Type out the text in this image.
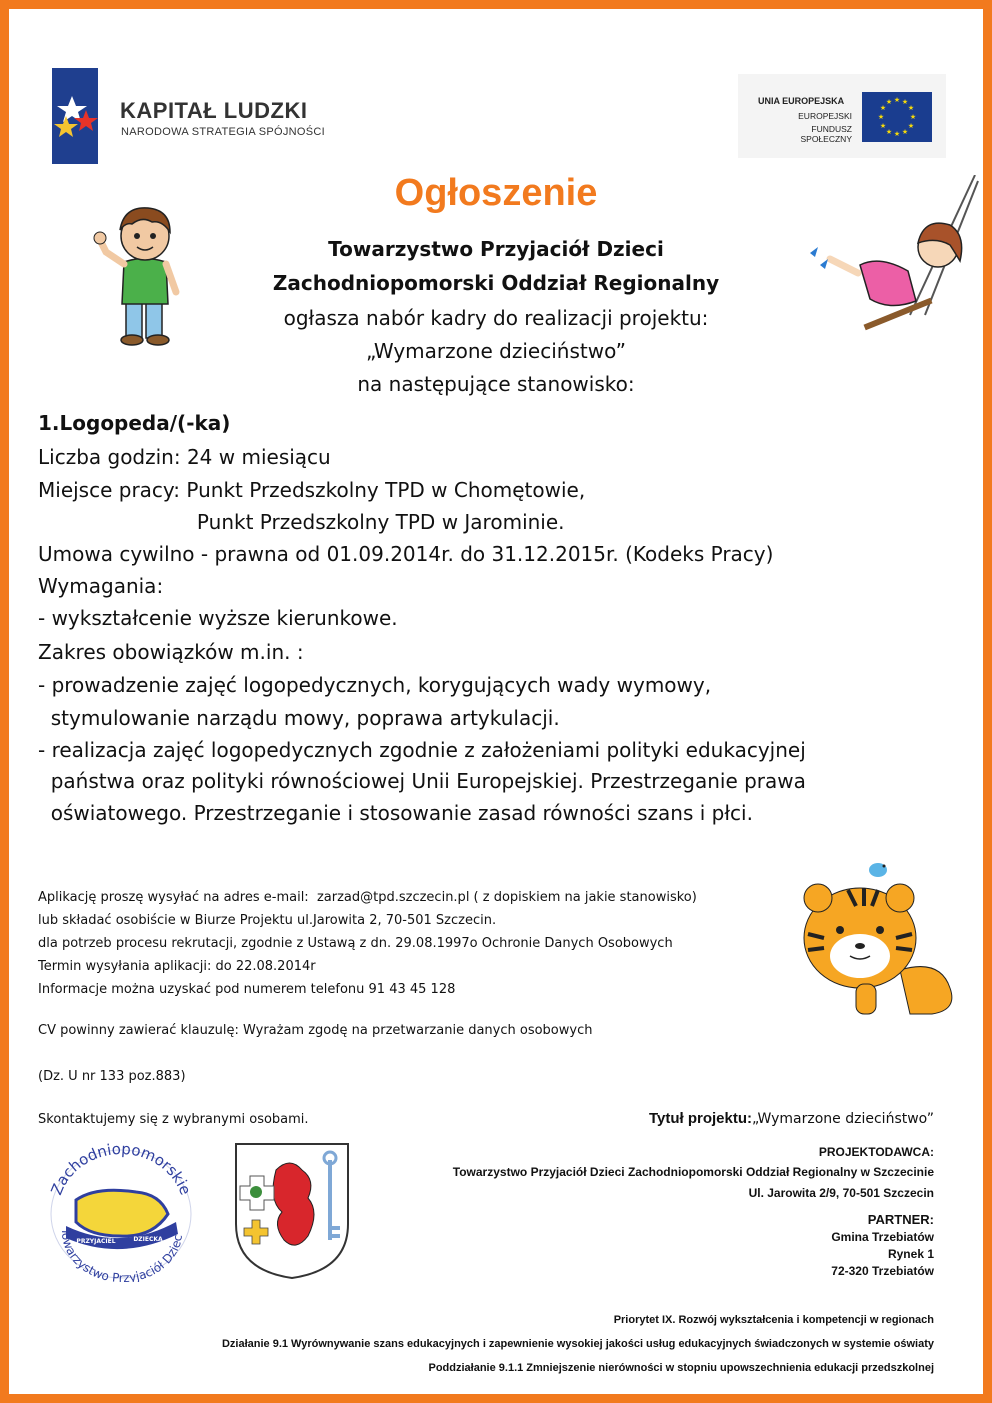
KAPITAŁ LUDZKI
NARODOWA STRATEGIA SPÓJNOŚCI
UNIA EUROPEJSKA
EUROPEJSKI
FUNDUSZ SPOŁECZNY
★ ★
★
★
★
★
★
★
★
★
★
★
Ogłoszenie
Towarzystwo Przyjaciół Dzieci
Zachodniopomorski Oddział Regionalny
ogłasza nabór kadry do realizacji projektu:
„Wymarzone dzieciństwo”
na następujące stanowisko:
1.Logopeda/(-ka)
Liczba godzin: 24 w miesiącu
Miejsce pracy: Punkt Przedszkolny TPD w Chomętowie,
Punkt Przedszkolny TPD w Jarominie.
Umowa cywilno - prawna od 01.09.2014r. do 31.12.2015r. (Kodeks Pracy)
Wymagania:
- wykształcenie wyższe kierunkowe.
Zakres obowiązków m.in. :
- prowadzenie zajęć logopedycznych, korygujących wady wymowy,
stymulowanie narządu mowy, poprawa artykulacji.
- realizacja zajęć logopedycznych zgodnie z założeniami polityki edukacyjnej
państwa oraz polityki równościowej Unii Europejskiej. Przestrzeganie prawa
oświatowego. Przestrzeganie i stosowanie zasad równości szans i płci.
Aplikację proszę wysyłać na adres e-mail:  zarzad@tpd.szczecin.pl ( z dopiskiem na jakie stanowisko)
lub składać osobiście w Biurze Projektu ul.Jarowita 2, 70-501 Szczecin.
dla potrzeb procesu rekrutacji, zgodnie z Ustawą z dn. 29.08.1997o Ochronie Danych Osobowych
Termin wysyłania aplikacji: do 22.08.2014r
Informacje można uzyskać pod numerem telefonu 91 43 45 128
CV powinny zawierać klauzulę: Wyrażam zgodę na przetwarzanie danych osobowych
(Dz. U nr 133 poz.883)
Skontaktujemy się z wybranymi osobami.	Tytuł projektu:„Wymarzone dzieciństwo”
PROJEKTODAWCA:
Towarzystwo Przyjaciół Dzieci Zachodniopomorski Oddział Regionalny w Szczecinie
Ul. Jarowita 2/9, 70-501 Szczecin
PARTNER:
Gmina Trzebiatów
Rynek 1
72-320 Trzebiatów
Zachodniopomorskie
PRZYJACIEL	DZIECKA
Towarzystwo Przyjaciół Dziec
Priorytet IX. Rozwój wykształcenia i kompetencji w regionach
Działanie 9.1 Wyrównywanie szans edukacyjnych i zapewnienie wysokiej jakości usług edukacyjnych świadczonych w systemie oświaty
Poddziałanie 9.1.1 Zmniejszenie nierówności w stopniu upowszechnienia edukacji przedszkolnej
